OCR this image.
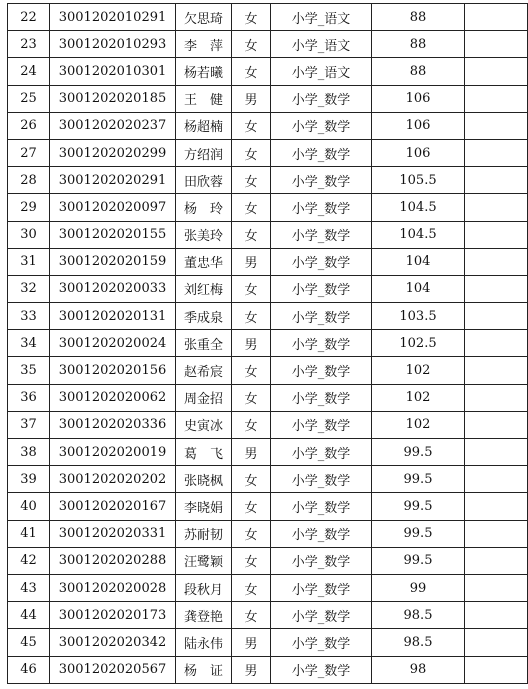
22	3001202010291	欠思琦	女	小学_语文	88	
23	3001202010293	李　萍	女	小学_语文	88	
24	3001202010301	杨若曦	女	小学_语文	88	
25	3001202020185	王　健	男	小学_数学	106	
26	3001202020237	杨超楠	女	小学_数学	106	
27	3001202020299	方绍润	女	小学_数学	106	
28	3001202020291	田欣蓉	女	小学_数学	105.5	
29	3001202020097	杨　玲	女	小学_数学	104.5	
30	3001202020155	张美玲	女	小学_数学	104.5	
31	3001202020159	董忠华	男	小学_数学	104	
32	3001202020033	刘红梅	女	小学_数学	104	
33	3001202020131	季成泉	女	小学_数学	103.5	
34	3001202020024	张重全	男	小学_数学	102.5	
35	3001202020156	赵希宸	女	小学_数学	102	
36	3001202020062	周金招	女	小学_数学	102	
37	3001202020336	史寅冰	女	小学_数学	102	
38	3001202020019	葛　飞	男	小学_数学	99.5	
39	3001202020202	张晓枫	女	小学_数学	99.5	
40	3001202020167	李晓娟	女	小学_数学	99.5	
41	3001202020331	苏耐韧	女	小学_数学	99.5	
42	3001202020288	汪鹭颖	女	小学_数学	99.5	
43	3001202020028	段秋月	女	小学_数学	99	
44	3001202020173	龚登艳	女	小学_数学	98.5	
45	3001202020342	陆永伟	男	小学_数学	98.5	
46	3001202020567	杨　证	男	小学_数学	98	
